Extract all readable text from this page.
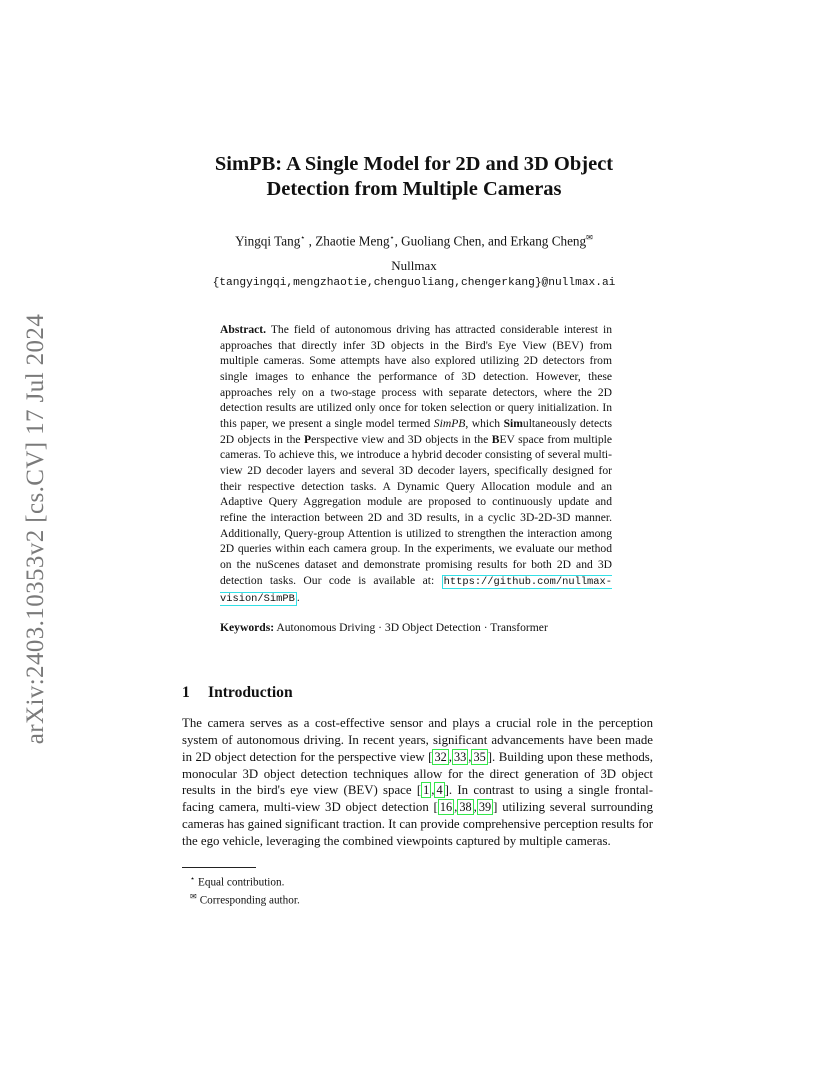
arXiv:2403.10353v2 [cs.CV] 17 Jul 2024
SimPB: A Single Model for 2D and 3D Object
Detection from Multiple Cameras
Yingqi Tang⋆ , Zhaotie Meng⋆, Guoliang Chen, and Erkang Cheng✉
Nullmax
{tangyingqi,mengzhaotie,chenguoliang,chengerkang}@nullmax.ai

Abstract. The field of autonomous driving has attracted considerable interest in approaches that directly infer 3D objects in the Bird's Eye View (BEV) from multiple cameras. Some attempts have also explored utilizing 2D detectors from single images to enhance the performance of 3D detection. However, these approaches rely on a two-stage process with separate detectors, where the 2D detection results are utilized only once for token selection or query initialization. In this paper, we present a single model termed SimPB, which Simultaneously detects 2D objects in the Perspective view and 3D objects in the BEV space from multiple cameras. To achieve this, we introduce a hybrid decoder consisting of several multi-view 2D decoder layers and several 3D decoder layers, specifically designed for their respective detection tasks. A Dynamic Query Allocation module and an Adaptive Query Aggregation module are proposed to continuously update and refine the interaction between 2D and 3D results, in a cyclic 3D-2D-3D manner. Additionally, Query-group Attention is utilized to strengthen the interaction among 2D queries within each camera group. In the experiments, we evaluate our method on the nuScenes dataset and demonstrate promising results for both 2D and 3D detection tasks. Our code is available at: https://github.com/nullmax-vision/SimPB .

Keywords: Autonomous Driving · 3D Object Detection · Transformer
1 Introduction

The camera serves as a cost-effective sensor and plays a crucial role in the perception system of autonomous driving. In recent years, significant advancements have been made in 2D object detection for the perspective view [ 32 , 33 , 35 ]. Building upon these methods, monocular 3D object detection techniques allow for the direct generation of 3D object results in the bird's eye view (BEV) space [ 1 , 4 ]. In contrast to using a single frontal-facing camera, multi-view 3D object detection [ 16 , 38 , 39 ] utilizing several surrounding cameras has gained significant traction. It can provide comprehensive perception results for the ego vehicle, leveraging the combined viewpoints captured by multiple cameras.

⋆ Equal contribution.
✉ Corresponding author.
